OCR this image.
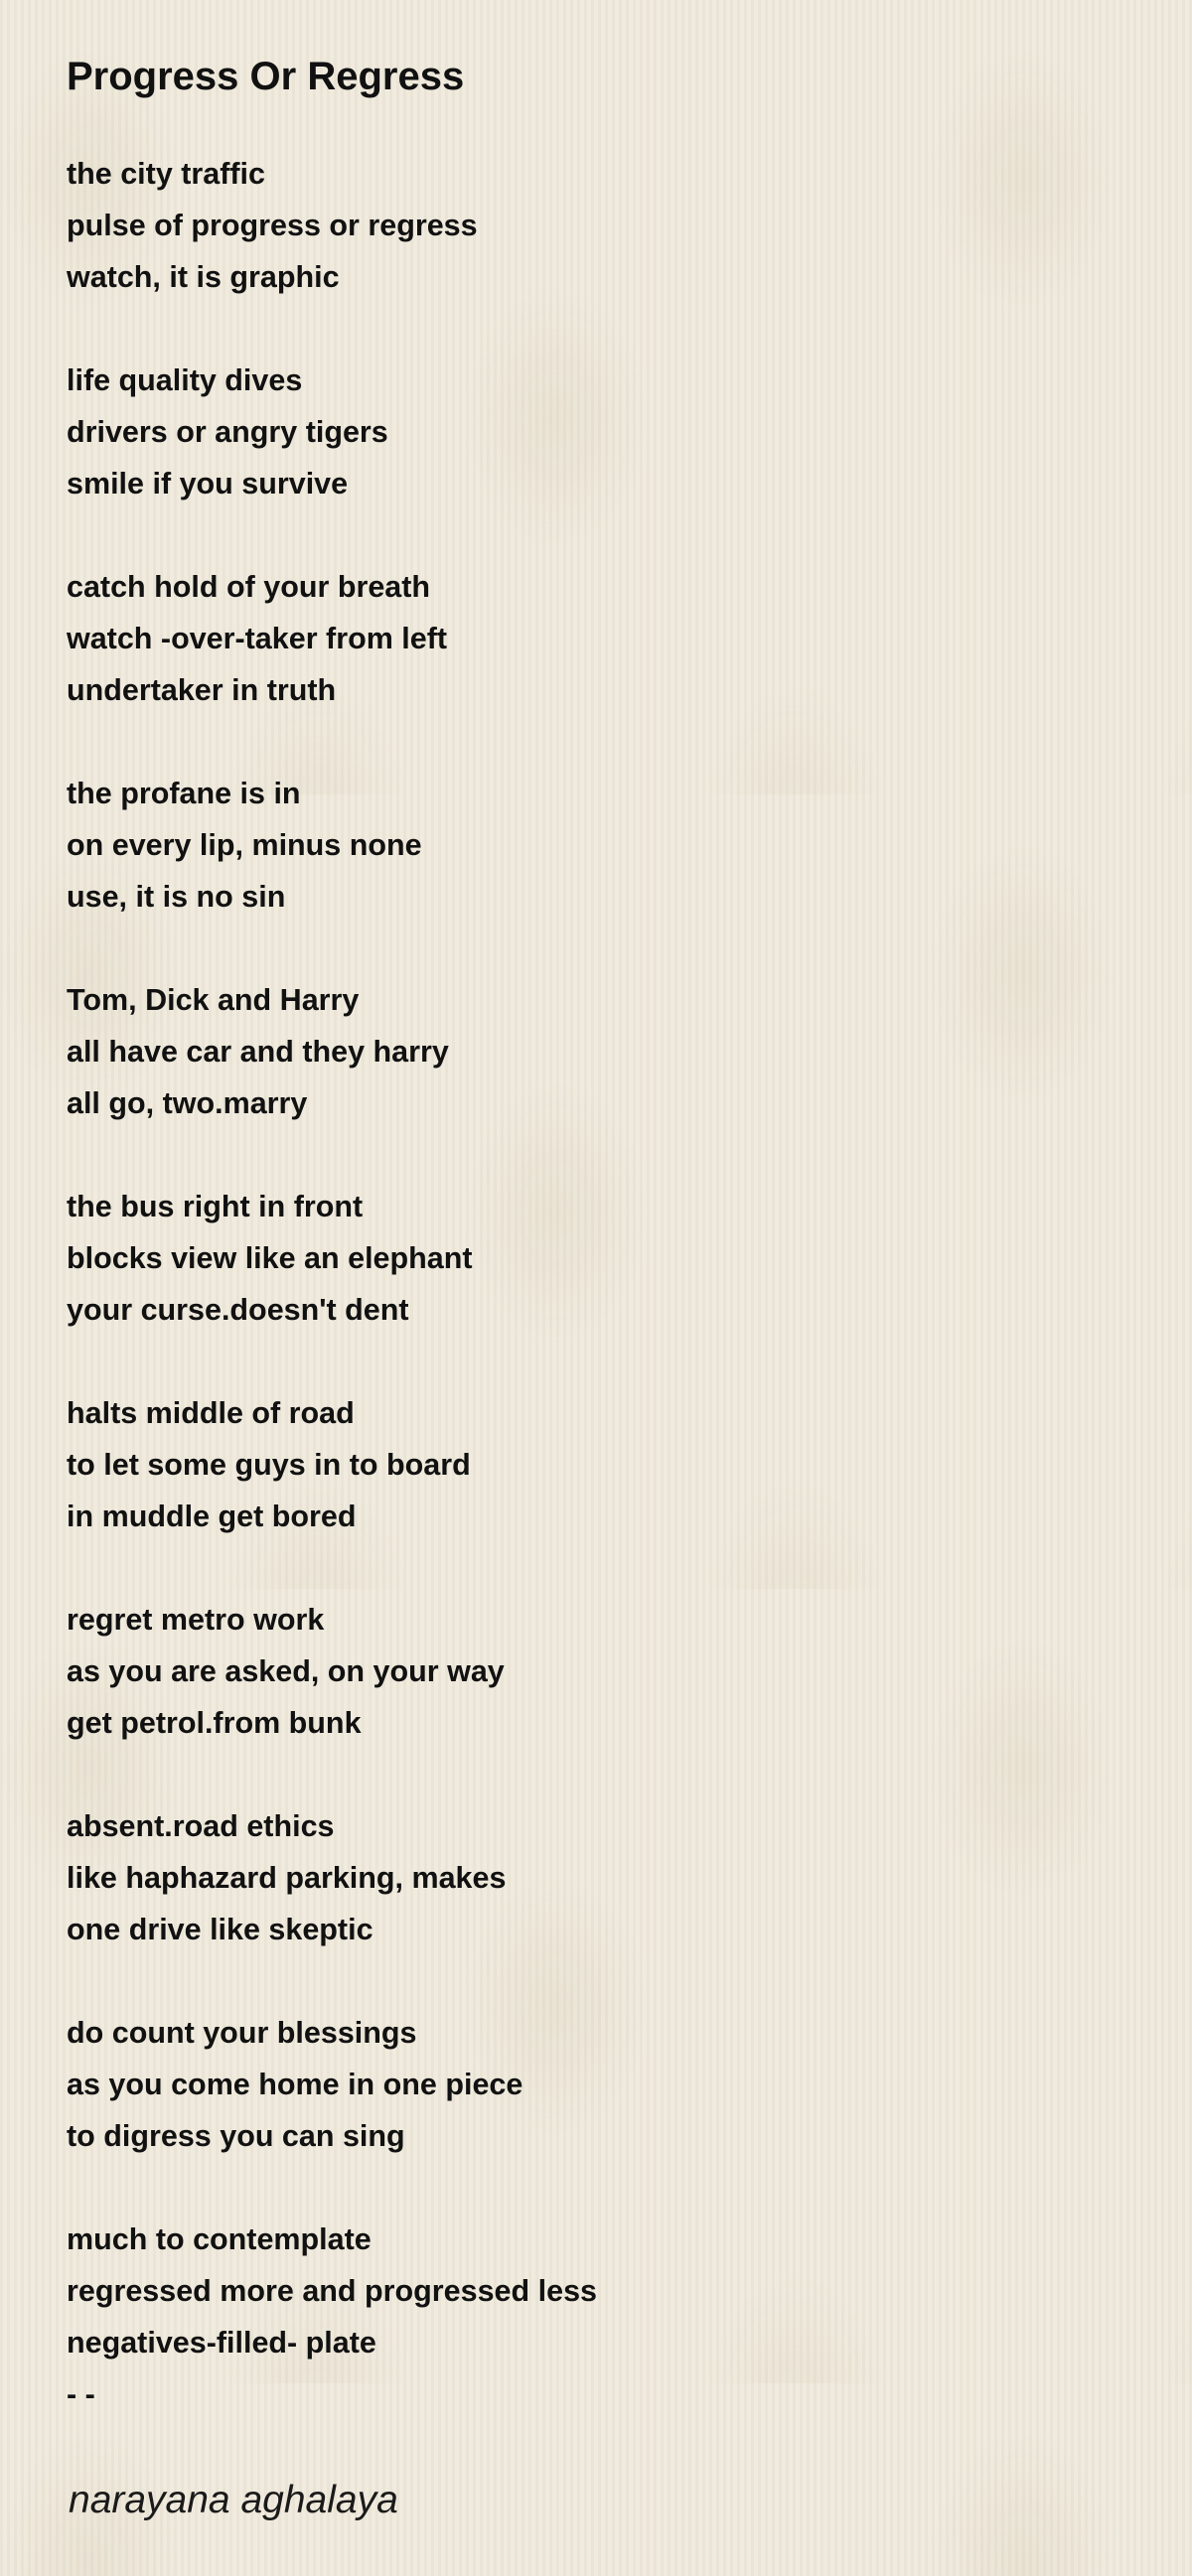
Progress Or Regress
the city traffic
pulse of progress or regress
watch, it is graphic
life quality dives
drivers or angry tigers
smile if you survive
catch hold of your breath
watch -over-taker from left
undertaker in truth
the profane is in
on every lip, minus none
use, it is no sin
Tom, Dick and Harry
all have car and they harry
all go, two.marry
the bus right in front
blocks view like an elephant
your curse.doesn't dent
halts middle of road
to let some guys in to board
in muddle get bored
regret metro work
as you are asked, on your way
get petrol.from bunk
absent.road ethics
like haphazard parking, makes
one drive like skeptic
do count your blessings
as you come home in one piece
to digress you can sing
much to contemplate
regressed more and progressed less
negatives-filled- plate
- -
narayana aghalaya
